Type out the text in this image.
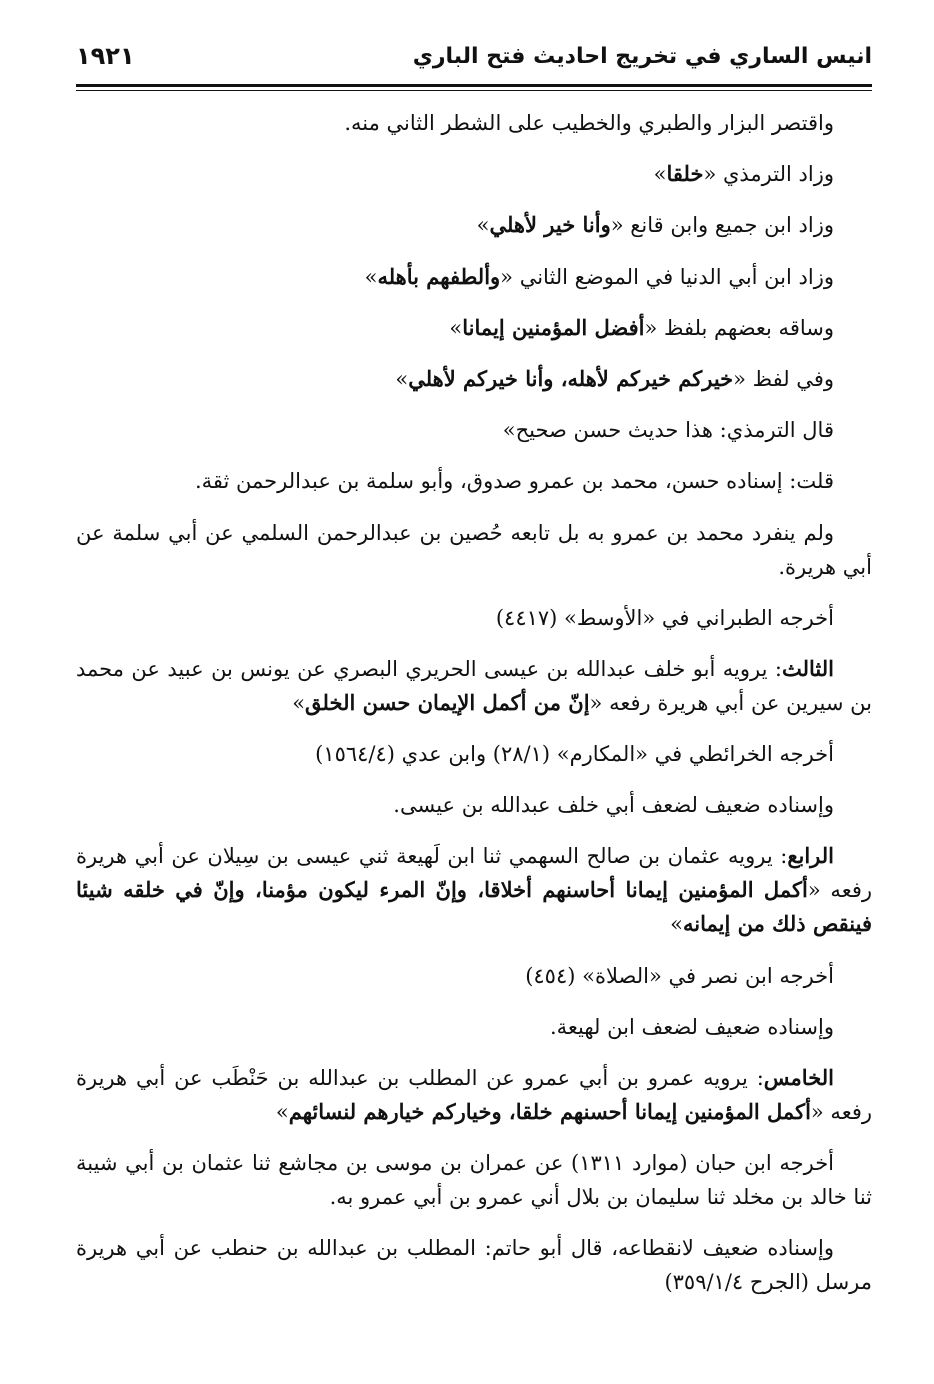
انيس الساري في تخريج احاديث فتح الباري
١٩٢١

واقتصر البزار والطبري والخطيب على الشطر الثاني منه.

وزاد الترمذي «خلقا»

وزاد ابن جميع وابن قانع «وأنا خير لأهلي»

وزاد ابن أبي الدنيا في الموضع الثاني «وألطفهم بأهله»

وساقه بعضهم بلفظ «أفضل المؤمنين إيمانا»

وفي لفظ «خيركم خيركم لأهله، وأنا خيركم لأهلي»

قال الترمذي: هذا حديث حسن صحيح»

قلت: إسناده حسن، محمد بن عمرو صدوق، وأبو سلمة بن عبدالرحمن ثقة.

ولم ينفرد محمد بن عمرو به بل تابعه حُصين بن عبدالرحمن السلمي عن أبي سلمة عن أبي هريرة.

أخرجه الطبراني في «الأوسط» (٤٤١٧)

الثالث: يرويه أبو خلف عبدالله بن عيسى الحريري البصري عن يونس بن عبيد عن محمد بن سيرين عن أبي هريرة رفعه «إنّ من أكمل الإيمان حسن الخلق»

أخرجه الخرائطي في «المكارم» (٢٨/١) وابن عدي (١٥٦٤/٤)

وإسناده ضعيف لضعف أبي خلف عبدالله بن عيسى.

الرابع: يرويه عثمان بن صالح السهمي ثنا ابن لَهيعة ثني عيسى بن سِيلان عن أبي هريرة رفعه «أكمل المؤمنين إيمانا أحاسنهم أخلاقا، وإنّ المرء ليكون مؤمنا، وإنّ في خلقه شيئا فينقص ذلك من إيمانه»

أخرجه ابن نصر في «الصلاة» (٤٥٤)

وإسناده ضعيف لضعف ابن لهيعة.

الخامس: يرويه عمرو بن أبي عمرو عن المطلب بن عبدالله بن حَنْطَب عن أبي هريرة رفعه «أكمل المؤمنين إيمانا أحسنهم خلقا، وخياركم خيارهم لنسائهم»

أخرجه ابن حبان (موارد ١٣١١) عن عمران بن موسى بن مجاشع ثنا عثمان بن أبي شيبة ثنا خالد بن مخلد ثنا سليمان بن بلال أني عمرو بن أبي عمرو به.

وإسناده ضعيف لانقطاعه، قال أبو حاتم: المطلب بن عبدالله بن حنطب عن أبي هريرة مرسل (الجرح ٣٥٩/١/٤)
